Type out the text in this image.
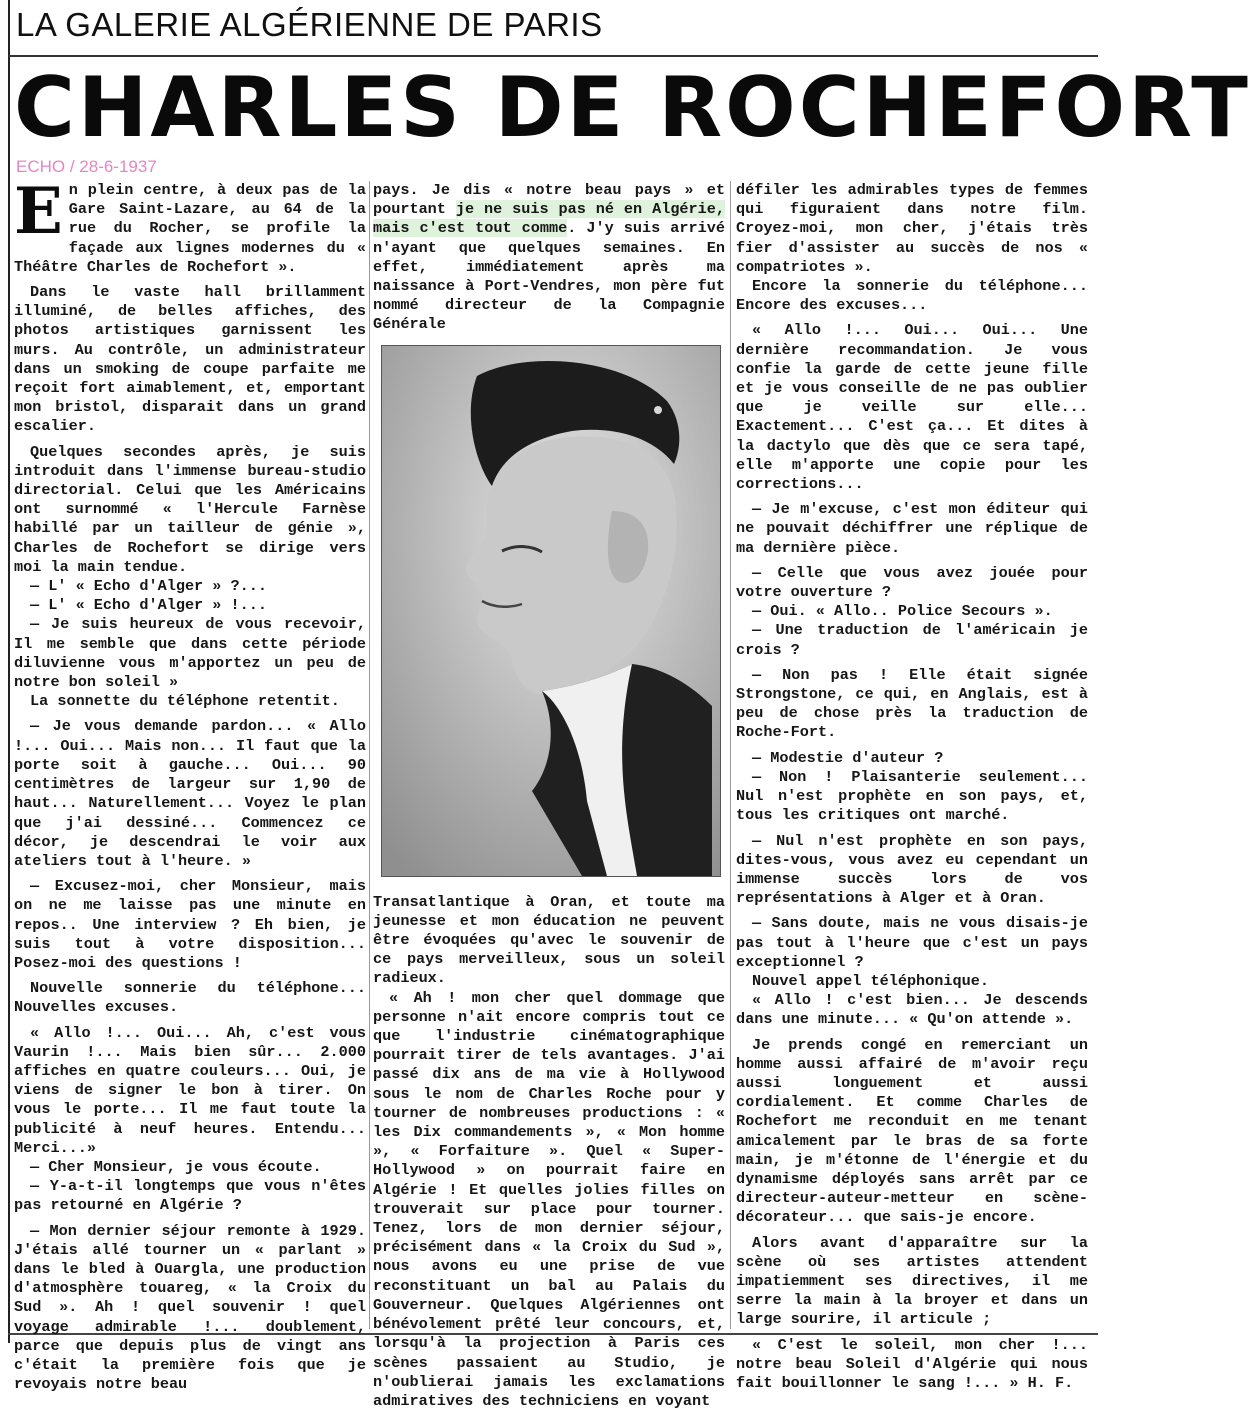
LA GALERIE ALGÉRIENNE DE PARIS
CHARLES DE ROCHEFORT
ECHO / 28-6-1937

En plein centre, à deux pas de la Gare Saint-Lazare, au 64 de la rue du Rocher, se profile la façade aux lignes modernes du « Théâtre Charles de Rochefort ».

Dans le vaste hall brillamment illuminé, de belles affiches, des photos artistiques garnissent les murs. Au contrôle, un administrateur dans un smoking de coupe parfaite me reçoit fort aimablement, et, emportant mon bristol, disparait dans un grand escalier.

Quelques secondes après, je suis introduit dans l'immense bureau-studio directorial. Celui que les Américains ont surnommé « l'Hercule Farnèse habillé par un tailleur de génie », Charles de Rochefort se dirige vers moi la main tendue.

— L' « Echo d'Alger » ?...

— L' « Echo d'Alger » !...

— Je suis heureux de vous recevoir, Il me semble que dans cette période diluvienne vous m'apportez un peu de notre bon soleil »

La sonnette du téléphone retentit.

— Je vous demande pardon... « Allo !... Oui... Mais non... Il faut que la porte soit à gauche... Oui... 90 centimètres de largeur sur 1,90 de haut... Naturellement... Voyez le plan que j'ai dessiné... Commencez ce décor, je descendrai le voir aux ateliers tout à l'heure. »

— Excusez-moi, cher Monsieur, mais on ne me laisse pas une minute en repos.. Une interview ? Eh bien, je suis tout à votre disposition... Posez-moi des questions !

Nouvelle sonnerie du téléphone... Nouvelles excuses.

« Allo !... Oui... Ah, c'est vous Vaurin !... Mais bien sûr... 2.000 affiches en quatre couleurs... Oui, je viens de signer le bon à tirer. On vous le porte... Il me faut toute la publicité à neuf heures. Entendu... Merci...»

— Cher Monsieur, je vous écoute.

— Y-a-t-il longtemps que vous n'êtes pas retourné en Algérie ?

— Mon dernier séjour remonte à 1929. J'étais allé tourner un « parlant » dans le bled à Ouargla, une production d'atmosphère touareg, « la Croix du Sud ». Ah ! quel souvenir ! quel voyage admirable !... doublement, parce que depuis plus de vingt ans c'était la première fois que je revoyais notre beau

pays. Je dis « notre beau pays » et pourtant je ne suis pas né en Algérie, mais c'est tout comme. J'y suis arrivé n'ayant que quelques semaines. En effet, immédiatement après ma naissance à Port-Vendres, mon père fut nommé directeur de la Compagnie Générale

Transatlantique à Oran, et toute ma jeunesse et mon éducation ne peuvent être évoquées qu'avec le souvenir de ce pays merveilleux, sous un soleil radieux.

« Ah ! mon cher quel dommage que personne n'ait encore compris tout ce que l'industrie cinématographique pourrait tirer de tels avantages. J'ai passé dix ans de ma vie à Hollywood sous le nom de Charles Roche pour y tourner de nombreuses productions : « les Dix commandements », « Mon homme », « Forfaiture ». Quel « Super-Hollywood » on pourrait faire en Algérie ! Et quelles jolies filles on trouverait sur place pour tourner. Tenez, lors de mon dernier séjour, précisément dans « la Croix du Sud », nous avons eu une prise de vue reconstituant un bal au Palais du Gouverneur. Quelques Algériennes ont bénévolement prêté leur concours, et, lorsqu'à la projection à Paris ces scènes passaient au Studio, je n'oublierai jamais les exclamations admiratives des techniciens en voyant

défiler les admirables types de femmes qui figuraient dans notre film. Croyez-moi, mon cher, j'étais très fier d'assister au succès de nos « compatriotes ».

Encore la sonnerie du téléphone... Encore des excuses...

« Allo !... Oui... Oui... Une dernière recommandation. Je vous confie la garde de cette jeune fille et je vous conseille de ne pas oublier que je veille sur elle... Exactement... C'est ça... Et dites à la dactylo que dès que ce sera tapé, elle m'apporte une copie pour les corrections...

— Je m'excuse, c'est mon éditeur qui ne pouvait déchiffrer une réplique de ma dernière pièce.

— Celle que vous avez jouée pour votre ouverture ?

— Oui. « Allo.. Police Secours ».

— Une traduction de l'américain je crois ?

— Non pas ! Elle était signée Strongstone, ce qui, en Anglais, est à peu de chose près la traduction de Roche-Fort.

— Modestie d'auteur ?

— Non ! Plaisanterie seulement... Nul n'est prophète en son pays, et, tous les critiques ont marché.

— Nul n'est prophète en son pays, dites-vous, vous avez eu cependant un immense succès lors de vos représentations à Alger et à Oran.

— Sans doute, mais ne vous disais-je pas tout à l'heure que c'est un pays exceptionnel ?

Nouvel appel téléphonique.

« Allo ! c'est bien... Je descends dans une minute... « Qu'on attende ».

Je prends congé en remerciant un homme aussi affairé de m'avoir reçu aussi longuement et aussi cordialement. Et comme Charles de Rochefort me reconduit en me tenant amicalement par le bras de sa forte main, je m'étonne de l'énergie et du dynamisme déployés sans arrêt par ce directeur-auteur-metteur en scène-décorateur... que sais-je encore.

Alors avant d'apparaître sur la scène où ses artistes attendent impatiemment ses directives, il me serre la main à la broyer et dans un large sourire, il articule ;

« C'est le soleil, mon cher !... notre beau Soleil d'Algérie qui nous fait bouillonner le sang !... » H. F.
